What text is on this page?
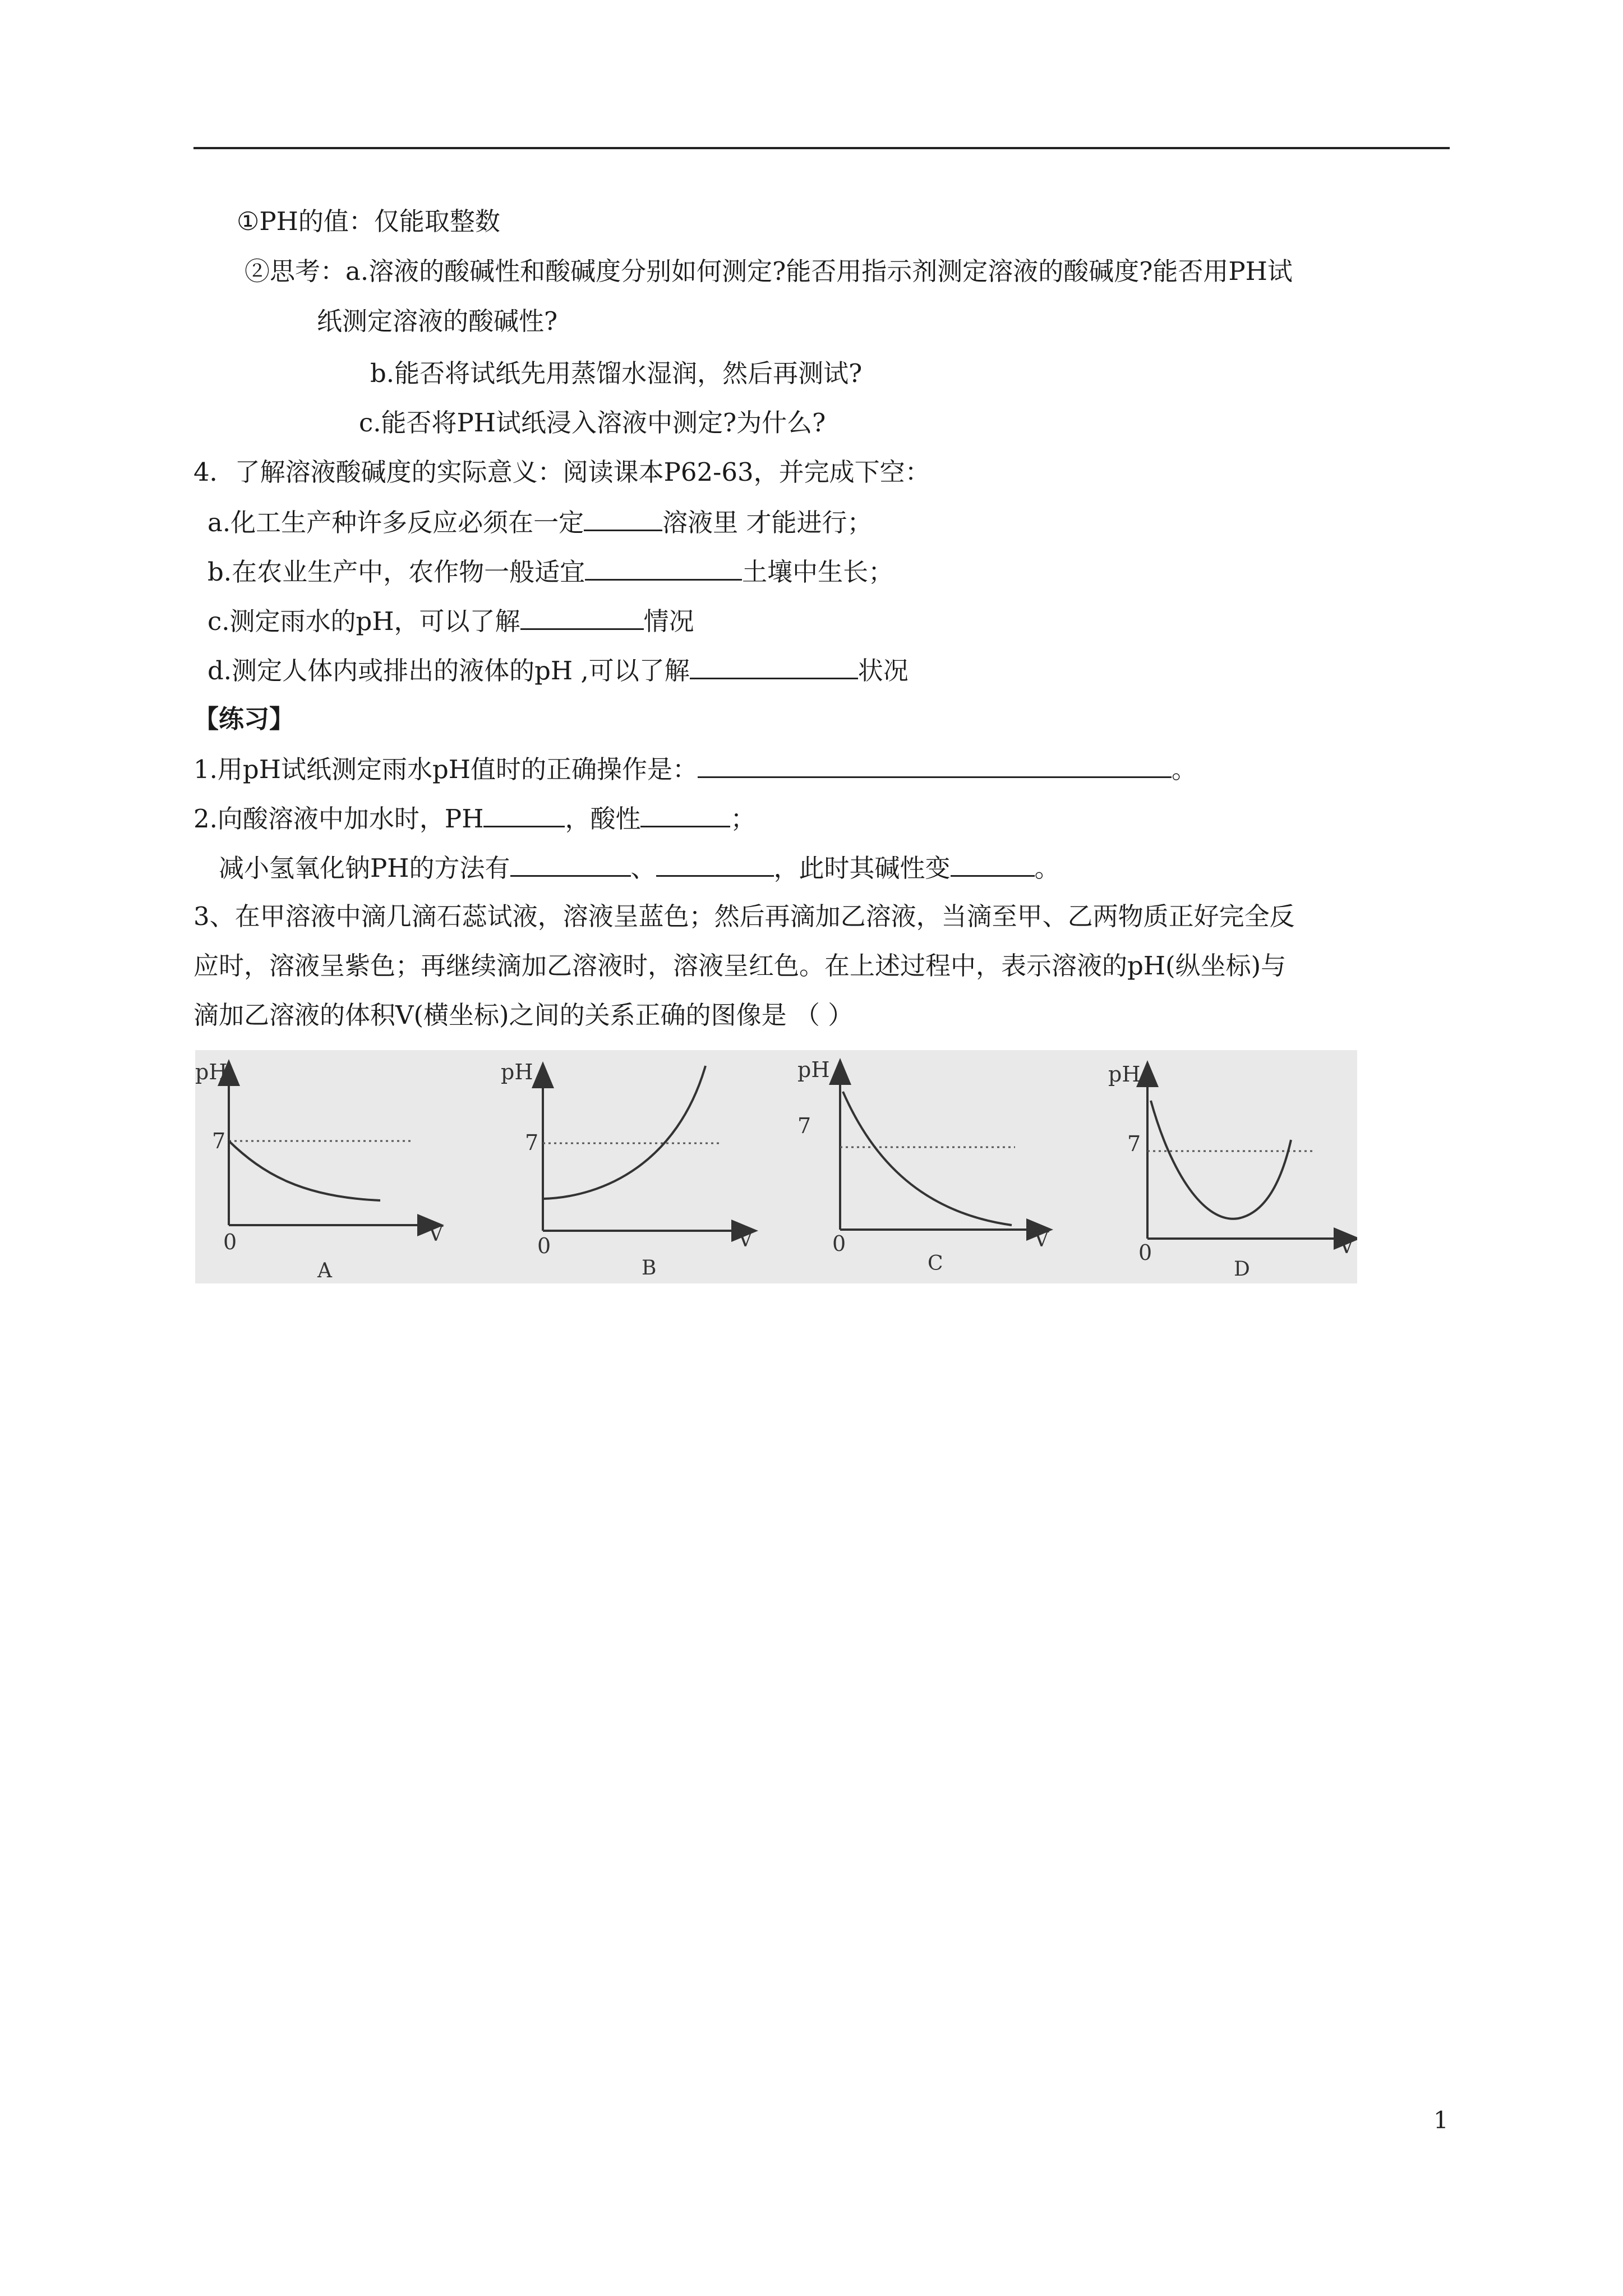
①PH的值：仅能取整数
②思考：a.溶液的酸碱性和酸碱度分别如何测定?能否用指示剂测定溶液的酸碱度?能否用PH试
纸测定溶液的酸碱性?
b.能否将试纸先用蒸馏水湿润，然后再测试?
c.能否将PH试纸浸入溶液中测定?为什么?
4．了解溶液酸碱度的实际意义：阅读课本P62-63，并完成下空：
a.化工生产种许多反应必须在一定	溶液里 才能进行；
b.在农业生产中，农作物一般适宜	土壤中生长；
c.测定雨水的pH，可以了解	情况
d.测定人体内或排出的液体的pH ,可以了解	状况
【练习】
1.用pH试纸测定雨水pH值时的正确操作是：	。
2.向酸溶液中加水时，PH	，酸性	；
减小氢氧化钠PH的方法有	、	，此时其碱性变	。
3、在甲溶液中滴几滴石蕊试液，溶液呈蓝色；然后再滴加乙溶液，当滴至甲、乙两物质正好完全反
应时，溶液呈紫色；再继续滴加乙溶液时，溶液呈红色。在上述过程中，表示溶液的pH(纵坐标)与
滴加乙溶液的体积V(横坐标)之间的关系正确的图像是 （ ）
pH
7
0	V
A
pH
7
0	V
B
pH
7
0	V
C
pH
7
0	V
D
1
